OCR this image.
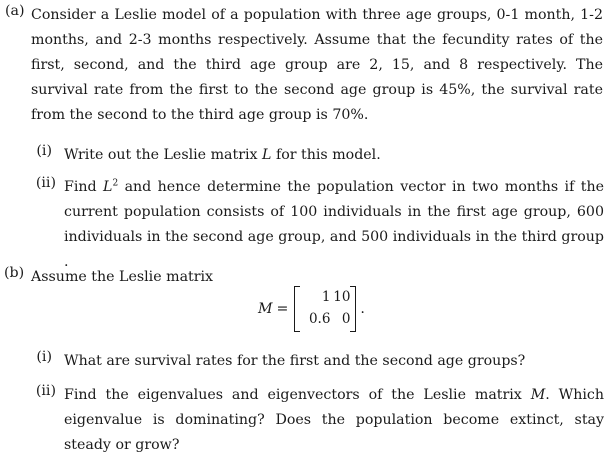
(a) Consider a Leslie model of a population with three age groups, 0-1 month, 1-2 months, and 2-3 months respectively. Assume that the fecundity rates of the first, second, and the third age group are 2, 15, and 8 respectively. The survival rate from the first to the second age group is 45%, the survival rate from the second to the third age group is 70%.
(i) Write out the Leslie matrix L for this model.
(ii) Find $L^2$ and hence determine the population vector in two months if the current population consists of 100 individuals in the first age group, 600 individuals in the second age group, and 500 individuals in the third group .
(b) Assume the Leslie matrix
M =
1 10
0.6 0
.
(i) What are survival rates for the first and the second age groups?
(ii) Find the eigenvalues and eigenvectors of the Leslie matrix M. Which eigenvalue is dominating? Does the population become extinct, stay steady or grow?
